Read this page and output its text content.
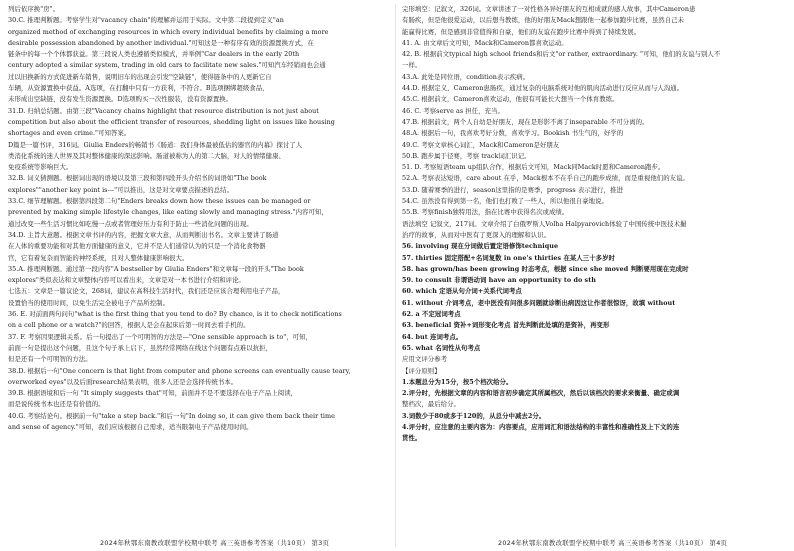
列后依序换"房"。

30.C. 推理判断题。考察学生对"vacancy chain"的理解并运用于实际。文中第二段提到定义"an

organized method of exchanging resources in which every individual benefits by claiming a more

desirable possession abandoned by another individual."可知这是一种有序有效的资源置换方式，在

链条中的每一个个体都获益。第三段说人类也遵循类似模式，并举例"Car dealers in the early 20th

century adopted a similar system, trading in old cars to facilitate new sales."可知汽车经销商也会通

过以旧换新的方式促进新车销售，说明旧车的出现会引发"空缺链"，使得链条中的人更新它自

车辆，从资源置换中获益。A选项，在打翻中只有一方获利，不符合。B选项捆绑超级食品，

未形成出空缺链，没有发生资源置换。D选项购买一次性服装，没有资源置换。

31.D. 归纳总结题。由第三段"Vacancy chains highlight that resource distribution is not just about

competition but also about the efficient transfer of resources, shedding light on issues like housing

shortages and even crime."可知答案。

D篇是一篇书评，316词。Giulia Enders的畅销书《肠道：我们身体最被低估的器官的内幕》探讨了人

类消化系统的迷人世界及其对整体健康的深远影响。肠道被称为人的第二大脑，对人的情绪健康、

免疫系统等影响巨大。

32.B. 词义猜测题。根据词出现的语境以及第三段和第四段开头介绍书的词语如"The book

explores""another key point is---"可以推出，这是对文章要点描述的总结。

33.C. 细节理解题。根据第四段第二句"Enders breaks down how these issues can be managed or

prevented by making simple lifestyle changes, like eating slowly and managing stress."内容可知，

通过改变一些生活习惯比如吃慢一点或者管理好压力有利于防止一些消化问题的出现。

34.D. 主旨大意题。根据文章书评的内容，把握文章大意，从而判断出书名。文章主要讲了肠道

在人体的重要功能和对其他方面健康的意义，它并不是人们通常认为的只是一个消化食物器

官，它有着复杂而智能的神经系统，且对人整体健康影响很大。

35.A. 推理判断题。通过第一段内容"A bestseller by Giulia Enders"和文章每一段的开头"The book

explores"类似表达和文章整体内容可以看出来，文章是对一本书进行介绍和评论。

七选五：文章是一篇议论文，268词，建议在高科技生活时代，我们还是应该合理利用电子产品，

设置恰当的使用时间，以免生活完全被电子产品所控制。

36. E. 对前面两句问句"what is the first thing that you tend to do? By chance, is it to check notifications

on a cell phone or a watch?"的回答，根据人是会在起床后第一时间去看手机的。

37. F. 考察因果逻辑关系。后一句提出了一个可明智的方法是—"One sensible approach is to"，可知，

前面一句是提出这个问题，且这个句子承上启下，虽然经常网络在线这个问题有点难以抗拒，

但是还有一个可明智的方法。

38.D. 根据后一句"One concern is that light from computer and phone screens can eventually cause teary,

overworked eyes"以及后面research结果表明，很多人还是会选择传统书本。

39.B. 根据语境和后一句 "It simply suggests that"可知，前面并不是不要选择在电子产品上阅读，

而是说传统书本也还是有价值的。

40.G. 考察结论句。根据前一句"take a step back."和后一句"In doing so, it can give them back their time

and sense of agency."可知，我们应该根据自己需求，适当限制电子产品使用时间。

完形填空：记叙文，326词。文章讲述了一对性格各异好朋友的互相成就的感人故事，其中Cameron患

有肠疾，但是他很爱运动，以后想当教练，他的好朋友Mack想跟他一起参加跑步比赛，虽然自己未

能赢得比赛，但是感到非常值得和自豪，他们的友谊在跑步比赛中得到了持续发展。

41. A. 由文章后文可知，Mack和Cameron都喜欢运动。

42. B. 根据前文typical high school friends和后文"or rather, extraordinary. "可知，他们的友谊与别人不

一样。

43.A. 此处是同位语，condition表示疾病。

44.D. 根据定义，Cameron患肠疾，通过复杂的电脑系统对他的肌肉活动进行反应从而与人沟通。

45.C. 根据前文，Cameron喜欢运动，他很有可能长大想当一个体育教练。

46. C. 考察serve as 担任，充当。

47.B. 根据前文，两个人自幼是好朋友，现在是形影不离了inseparable 不可分离的。

48.A. 根据后一句，我喜欢考好分数，喜欢学习。Bookish 书生气的，好学的

49.C. 考察文章核心词汇，Mack和Cameron是好朋友

50.B. 跑步属于径赛，考察 track词汇识记。

51. D. 考察短语team up组队合作，根据后文可知，Mack同Mack时愿和Cameron跑步。

52.A. 考察表达短语，care about 在乎，Mack根本不在乎自己的跑步成绩，而是重视他们的友谊。

53.D. 随着赛季的进行，season这里指的是赛季，progress 表示进行，推进

54.C. 虽然没有得到第一名，他们也打败了一些人，所以他很自豪地说。

55.B. 考察finish独特用法，指在比赛中获得名次或成绩。

语法填空 记叙文，217词。文章介绍了白俄罗斯人Volha Halpyarovich体验了中国传统中医技术撮

治疗的故事，从而对中医有了更深入的理解和认识。

56. involving 现在分词做后置定语修饰technique

57. thirties 固定搭配+名词复数 in one's thirties 在某人三十多岁时

58. has grown/has been growing 时态考点，根据 since she moved 判断要用现在完成时

59. to consult 非谓语动词 have an opportunity to do sth

60. which 定语从句介词+关系代词考点

61. without 介词考点，老中医没有问很多问题就诊断出病因这让作者很惊讶，故填 without

62. a 不定冠词考点

63. beneficial 资补+词形变化考点 首先判断此处填的是资补，再变形

64. but 连词考点。

65. what 名词性从句考点

应用文评分参考

【评分原则】

1.本题总分为15分，按5个档次给分。

2.评分时，先根据文章的内容和语言初步确定其所属档次，然后以该档次的要求来衡量、确定或调

整档次，最后给分。

3.词数少于80或多于120的，从总分中减去2分。

4.评分时，应注意的主要内容为：内容要点，应用词汇和语法结构的丰富性和准确性及上下文的连

贯性。

2024年秋鄂东南教改联盟学校期中联考 高三英语参考答案（共10页） 第3页	2024年秋鄂东南教改联盟学校期中联考 高三英语参考答案（共10页） 第4页
